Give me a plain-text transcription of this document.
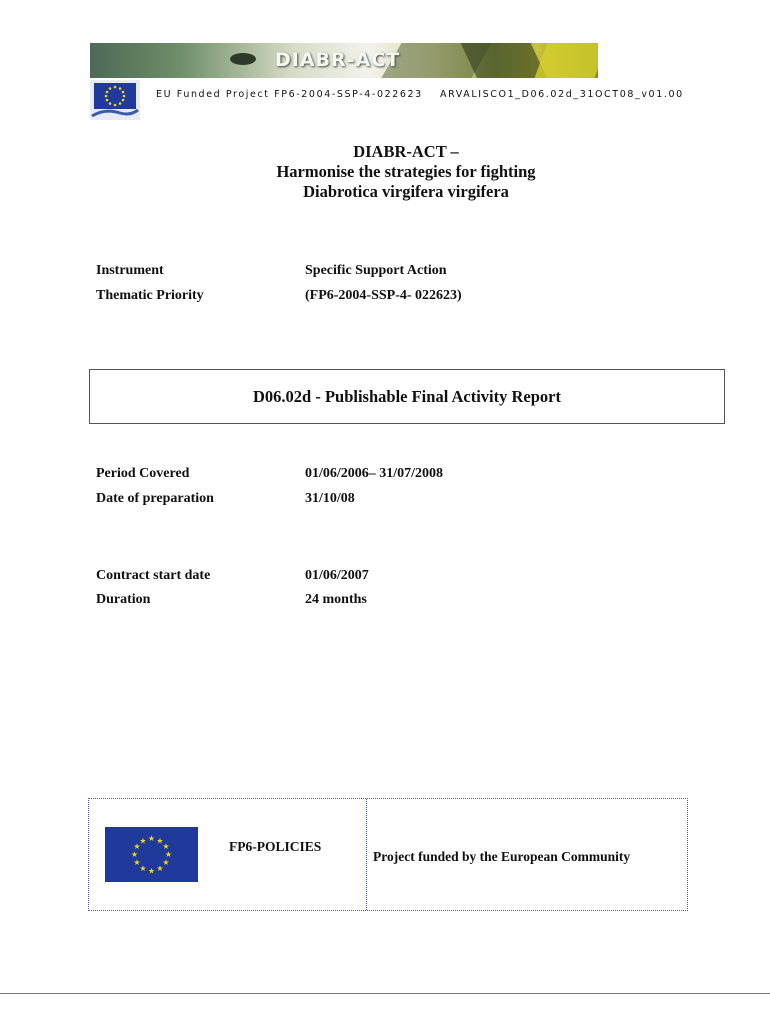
DIABR-ACT
EU Funded Project FP6-2004-SSP-4-022623 ARVALISCO1_D06.02d_31OCT08_v01.00
DIABR-ACT –
Harmonise the strategies for fighting
Diabrotica virgifera virgifera
Instrument	Specific Support Action
Thematic Priority	(FP6-2004-SSP-4- 022623)
D06.02d - Publishable Final Activity Report
Period Covered	01/06/2006– 31/07/2008
Date of preparation	31/10/08
Contract start date	01/06/2007
Duration	24 months
★ ★
★
★
★
★
★
★
★
★
★
★	FP6-POLICIES
Project funded by the European Community
